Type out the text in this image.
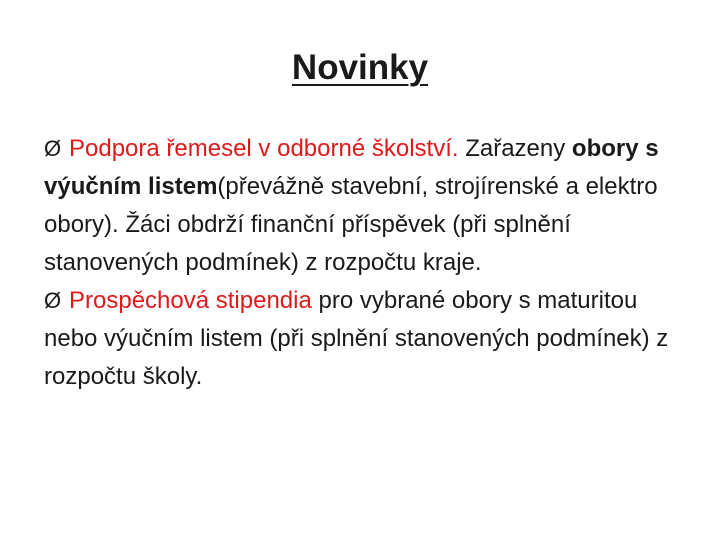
Novinky

Ø Podpora řemesel v odborné školství. Zařazeny obory s výučním listem(převážně stavební, strojírenské a elektro obory). Žáci obdrží finanční příspěvek (při splnění stanovených podmínek) z rozpočtu kraje.

Ø Prospěchová stipendia pro vybrané obory s maturitou nebo výučním listem (při splnění stanovených podmínek) z rozpočtu školy.
